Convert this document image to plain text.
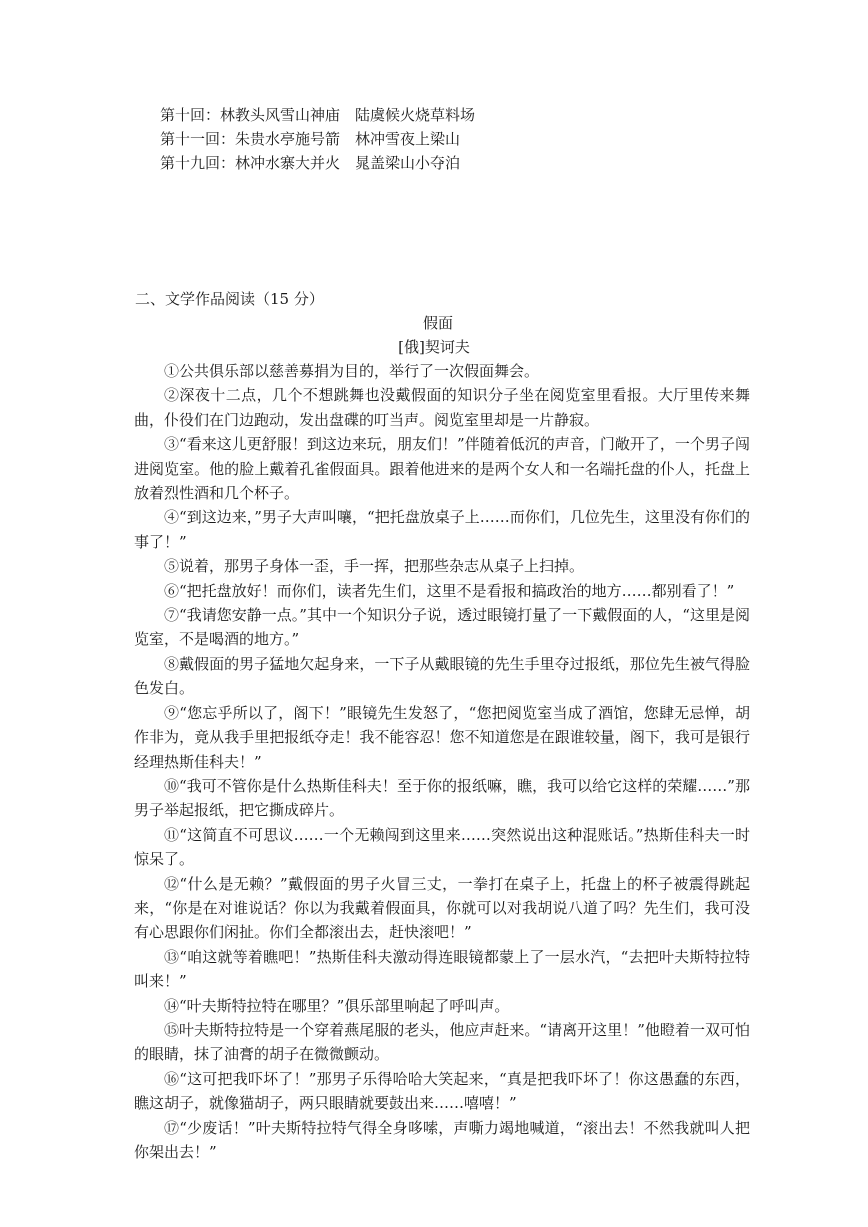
第十回：林教头风雪山神庙　陆虞候火烧草料场
第十一回：朱贵水亭施号箭　林冲雪夜上梁山
第十九回：林冲水寨大并火　晁盖梁山小夺泊
二、文学作品阅读（15 分）
假面
[俄]契诃夫

①公共俱乐部以慈善募捐为目的，举行了一次假面舞会。

②深夜十二点，几个不想跳舞也没戴假面的知识分子坐在阅览室里看报。大厅里传来舞曲，仆役们在门边跑动，发出盘碟的叮当声。阅览室里却是一片静寂。

③“看来这儿更舒服！到这边来玩，朋友们！”伴随着低沉的声音，门敞开了，一个男子闯进阅览室。他的脸上戴着孔雀假面具。跟着他进来的是两个女人和一名端托盘的仆人，托盘上放着烈性酒和几个杯子。

④“到这边来，”男子大声叫嚷，“把托盘放桌子上……而你们，几位先生，这里没有你们的事了！”

⑤说着，那男子身体一歪，手一挥，把那些杂志从桌子上扫掉。

⑥“把托盘放好！而你们，读者先生们，这里不是看报和搞政治的地方……都别看了！”

⑦“我请您安静一点。”其中一个知识分子说，透过眼镜打量了一下戴假面的人，“这里是阅览室，不是喝酒的地方。”

⑧戴假面的男子猛地欠起身来，一下子从戴眼镜的先生手里夺过报纸，那位先生被气得脸色发白。

⑨“您忘乎所以了，阁下！”眼镜先生发怒了，“您把阅览室当成了酒馆，您肆无忌惮，胡作非为，竟从我手里把报纸夺走！我不能容忍！您不知道您是在跟谁较量，阁下，我可是银行经理热斯佳科夫！”

⑩“我可不管你是什么热斯佳科夫！至于你的报纸嘛，瞧，我可以给它这样的荣耀……”那男子举起报纸，把它撕成碎片。

⑪“这简直不可思议……一个无赖闯到这里来……突然说出这种混账话。”热斯佳科夫一时惊呆了。

⑫“什么是无赖？”戴假面的男子火冒三丈，一拳打在桌子上，托盘上的杯子被震得跳起来，“你是在对谁说话？你以为我戴着假面具，你就可以对我胡说八道了吗？先生们，我可没有心思跟你们闲扯。你们全都滚出去，赶快滚吧！”

⑬“咱这就等着瞧吧！”热斯佳科夫激动得连眼镜都蒙上了一层水汽，“去把叶夫斯特拉特叫来！”

⑭“叶夫斯特拉特在哪里？”俱乐部里响起了呼叫声。

⑮叶夫斯特拉特是一个穿着燕尾服的老头，他应声赶来。“请离开这里！”他瞪着一双可怕的眼睛，抹了油膏的胡子在微微颤动。

⑯“这可把我吓坏了！”那男子乐得哈哈大笑起来，“真是把我吓坏了！你这愚蠢的东西，瞧这胡子，就像猫胡子，两只眼睛就要鼓出来……嘻嘻！”

⑰“少废话！”叶夫斯特拉特气得全身哆嗦，声嘶力竭地喊道，“滚出去！不然我就叫人把你架出去！”
